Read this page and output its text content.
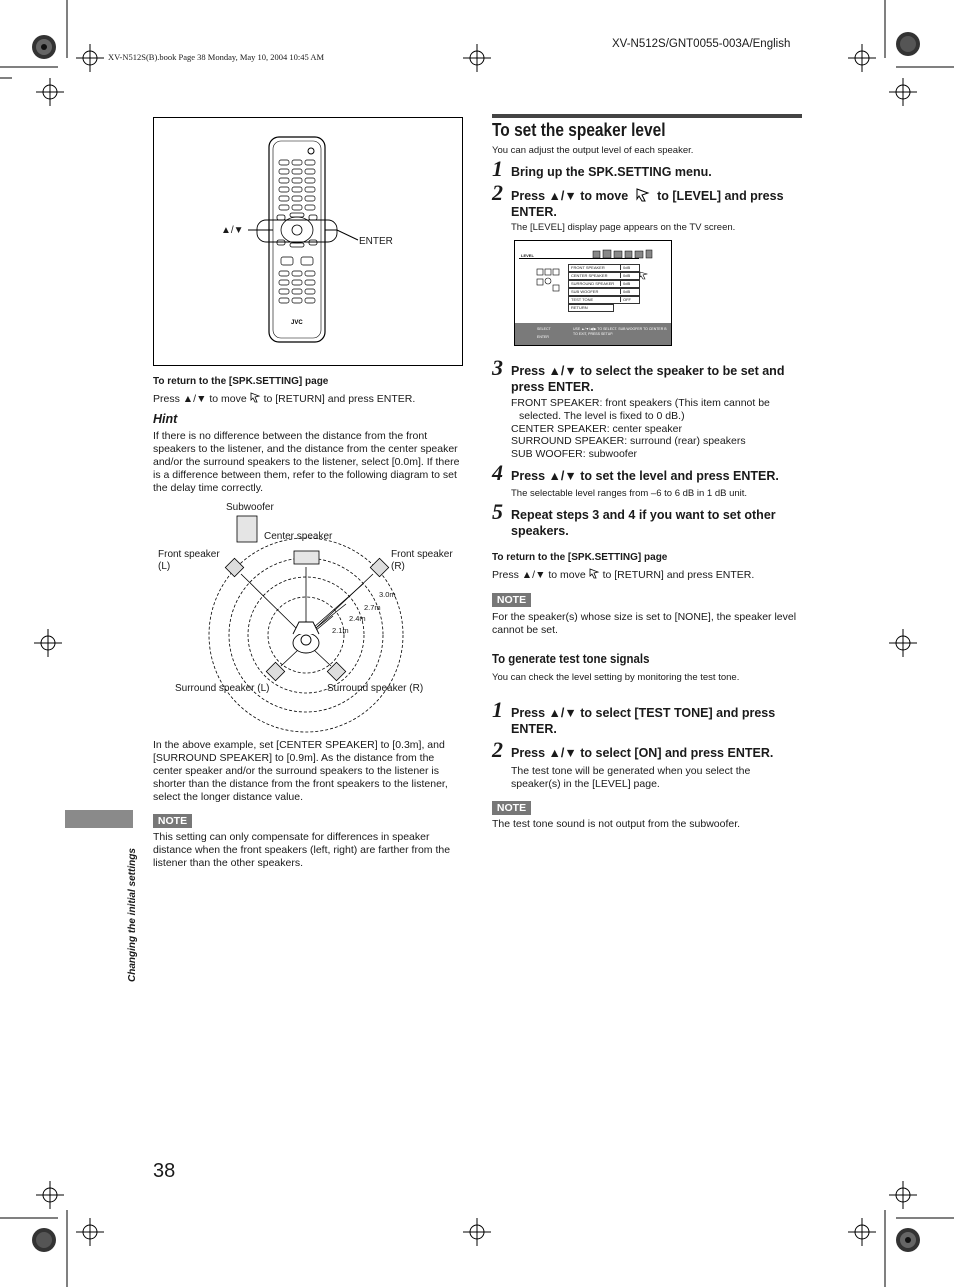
XV-N512S(B).book Page 38 Monday, May 10, 2004 10:45 AM
XV-N512S/GNT0055-003A/English
JVC
▲/▼
ENTER
To return to the [SPK.SETTING] page
Press ▲/▼ to move to [RETURN] and press ENTER.
Hint
If there is no difference between the distance from the front speakers to the listener, and the distance from the center speaker and/or the surround speakers to the listener, select [0.0m]. If there is a difference between them, refer to the following diagram to set the delay time correctly.
Subwoofer
Center speaker
Front speaker (L)
Front speaker (R)
Surround speaker (L)	Surround speaker (R)
3.0m
2.7m
2.4m
2.1m
In the above example, set [CENTER SPEAKER] to [0.3m], and [SURROUND SPEAKER] to [0.9m]. As the distance from the center speaker and/or the surround speakers to the listener is shorter than the distance from the front speakers to the listener, select the longer distance value.
NOTE
This setting can only compensate for differences in speaker distance when the front speakers (left, right) are farther from the listener than the other speakers.
Changing the initial settings
38
To set the speaker level
You can adjust the output level of each speaker.
1 Bring up the SPK.SETTING menu.
2 Press ▲/▼ to move to [LEVEL] and press ENTER.
The [LEVEL] display page appears on the TV screen.
LEVEL
FRONT SPEAKER	0dB
CENTER SPEAKER	0dB
SURROUND SPEAKER	0dB
SUB WOOFER	0dB
TEST TONE	OFF
RETURN
SELECT
ENTER
USE ▲/▼/◀/▶ TO SELECT. SUB WOOFER TO CENTER B
TO EXIT, PRESS SETUP.
3 Press ▲/▼ to select the speaker to be set and press ENTER.
FRONT SPEAKER: front speakers (This item cannot be selected. The level is fixed to 0 dB.)
CENTER SPEAKER: center speaker
SURROUND SPEAKER: surround (rear) speakers
SUB WOOFER: subwoofer
4 Press ▲/▼ to set the level and press ENTER.
The selectable level ranges from –6 to 6 dB in 1 dB unit.
5 Repeat steps 3 and 4 if you want to set other speakers.
To return to the [SPK.SETTING] page
Press ▲/▼ to move to [RETURN] and press ENTER.
NOTE
For the speaker(s) whose size is set to [NONE], the speaker level cannot be set.
To generate test tone signals
You can check the level setting by monitoring the test tone.
1 Press ▲/▼ to select [TEST TONE] and press ENTER.
2 Press ▲/▼ to select [ON] and press ENTER.
The test tone will be generated when you select the speaker(s) in the [LEVEL] page.
NOTE
The test tone sound is not output from the subwoofer.
